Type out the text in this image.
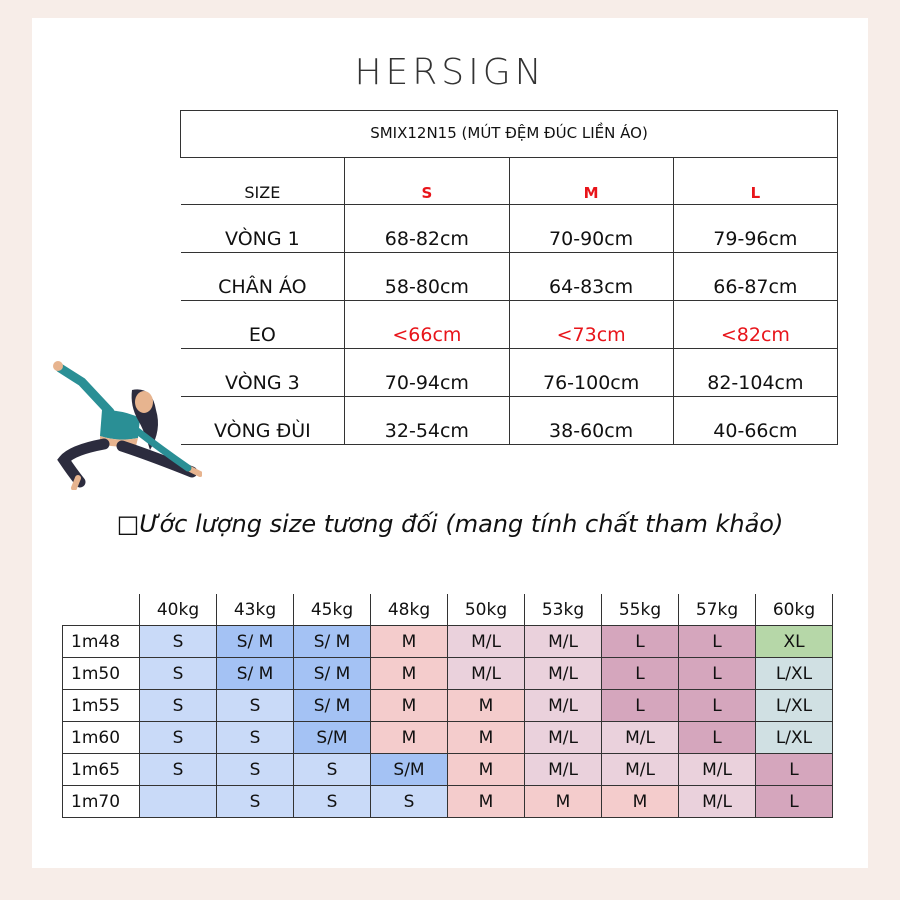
HERSIGN
SMIX12N15 (MÚT ĐỆM ĐÚC LIỀN ÁO)			
SIZE	S	M	L
VÒNG 1	68-82cm	70-90cm	79-96cm
CHÂN ÁO	58-80cm	64-83cm	66-87cm
EO	<66cm	<73cm	<82cm
VÒNG 3	70-94cm	76-100cm	82-104cm
VÒNG ĐÙI	32-54cm	38-60cm	40-66cm
□Ước lượng size tương đối (mang tính chất tham khảo)
	40kg	43kg	45kg	48kg	50kg	53kg	55kg	57kg	60kg
1m48	S	S/ M	S/ M	M	M/L	M/L	L	L	XL
1m50	S	S/ M	S/ M	M	M/L	M/L	L	L	L/XL
1m55	S	S	S/ M	M	M	M/L	L	L	L/XL
1m60	S	S	S/M	M	M	M/L	M/L	L	L/XL
1m65	S	S	S	S/M	M	M/L	M/L	M/L	L
1m70		S	S	S	M	M	M	M/L	L
